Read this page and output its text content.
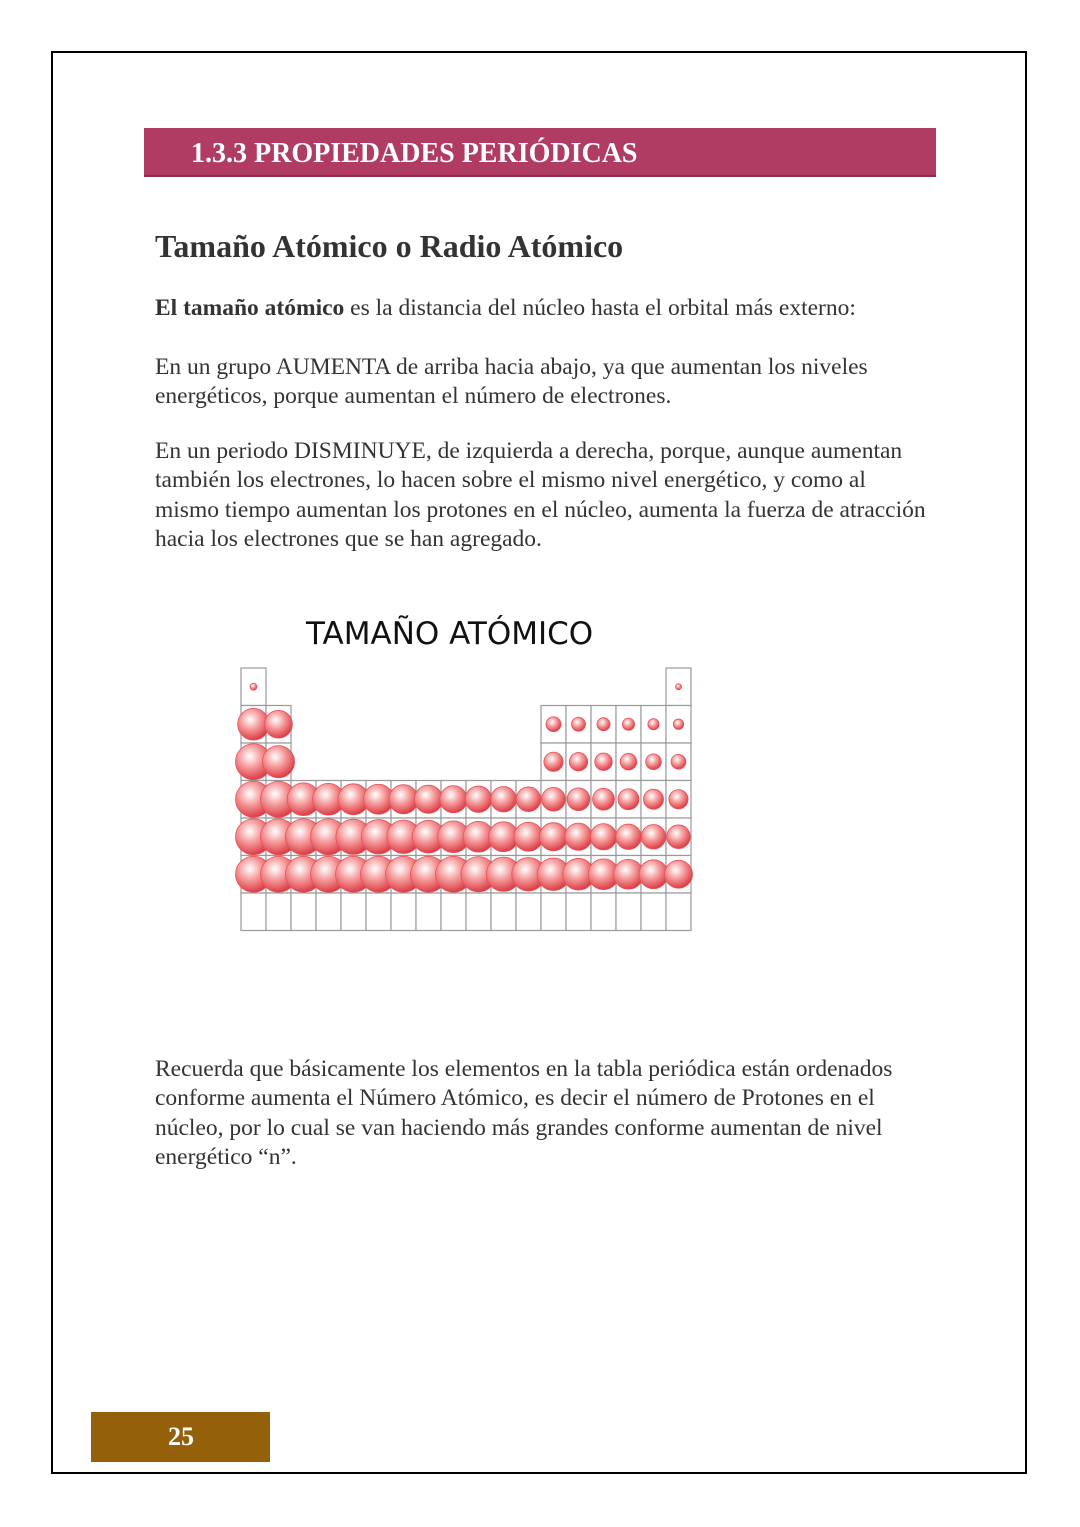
1.3.3 PROPIEDADES PERIÓDICAS
Tamaño Atómico o Radio Atómico

El tamaño atómico es la distancia del núcleo hasta el orbital más externo:

En un grupo AUMENTA de arriba hacia abajo, ya que aumentan los niveles energéticos, porque aumentan el número de electrones.

En un periodo DISMINUYE, de izquierda a derecha, porque, aunque aumentan también los electrones, lo hacen sobre el mismo nivel energético, y como al mismo tiempo aumentan los protones en el núcleo, aumenta la fuerza de atracción hacia los electrones que se han agregado.

TAMAÑO ATÓMICO

Recuerda que básicamente los elementos en la tabla periódica están ordenados conforme aumenta el Número Atómico, es decir el número de Protones en el núcleo, por lo cual se van haciendo más grandes conforme aumentan de nivel energético “n”.

25
